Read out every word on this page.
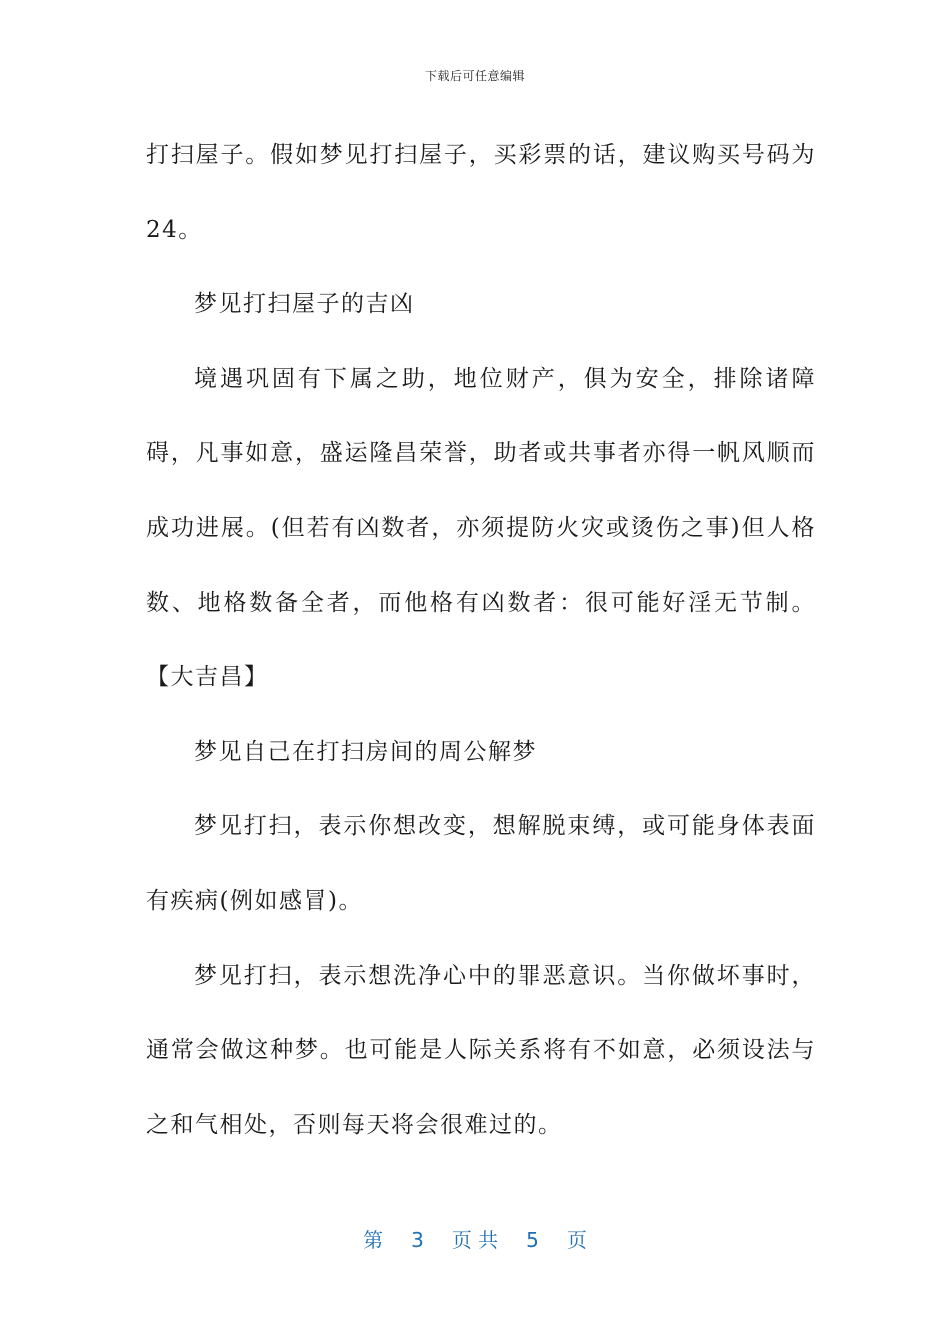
下载后可任意编辑

打扫屋子。假如梦见打扫屋子，买彩票的话，建议购买号码为24。

梦见打扫屋子的吉凶

境遇巩固有下属之助，地位财产，俱为安全，排除诸障碍，凡事如意，盛运隆昌荣誉，助者或共事者亦得一帆风顺而成功进展。(但若有凶数者，亦须提防火灾或烫伤之事)但人格数、地格数备全者，而他格有凶数者：很可能好淫无节制。【大吉昌】

梦见自己在打扫房间的周公解梦

梦见打扫，表示你想改变，想解脱束缚，或可能身体表面有疾病(例如感冒)。

梦见打扫，表示想洗净心中的罪恶意识。当你做坏事时，通常会做这种梦。也可能是人际关系将有不如意，必须设法与之和气相处，否则每天将会很难过的。

第 3 页 共 5 页
